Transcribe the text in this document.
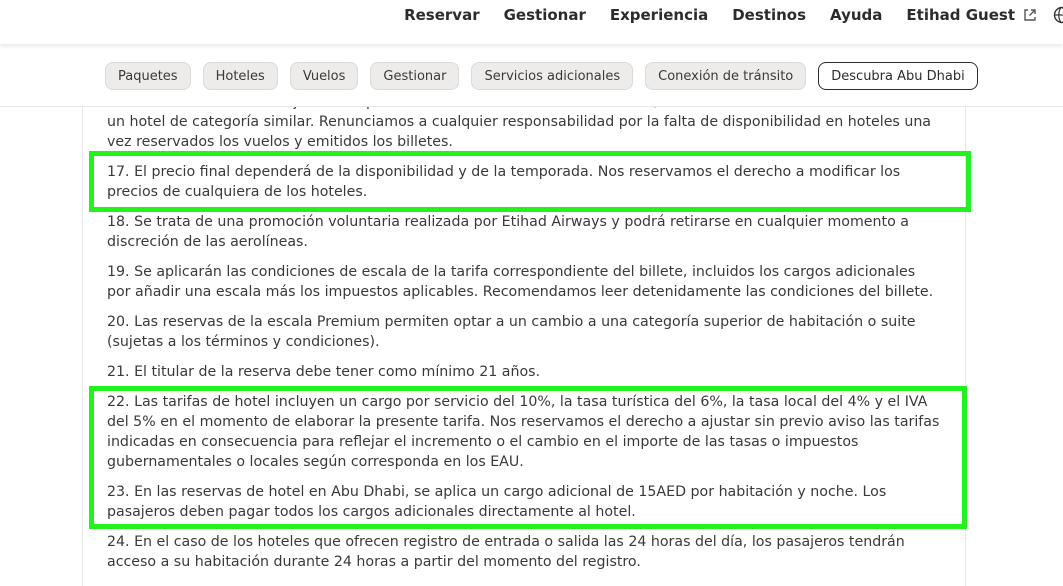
Reservar Gestionar Experiencia Destinos Ayuda Etihad Guest
Paquetes	Hoteles	Vuelos	Gestionar	Servicios adicionales	Conexión de tránsito	Descubra Abu Dhabi

un hotel de categoría similar. Renunciamos a cualquier responsabilidad por la falta de disponibilidad en hoteles una vez reservados los vuelos y emitidos los billetes.

17. El precio final dependerá de la disponibilidad y de la temporada. Nos reservamos el derecho a modificar los precios de cualquiera de los hoteles.

18. Se trata de una promoción voluntaria realizada por Etihad Airways y podrá retirarse en cualquier momento a discreción de las aerolíneas.

19. Se aplicarán las condiciones de escala de la tarifa correspondiente del billete, incluidos los cargos adicionales por añadir una escala más los impuestos aplicables. Recomendamos leer detenidamente las condiciones del billete.

20. Las reservas de la escala Premium permiten optar a un cambio a una categoría superior de habitación o suite (sujetas a los términos y condiciones).

21. El titular de la reserva debe tener como mínimo 21 años.

22. Las tarifas de hotel incluyen un cargo por servicio del 10%, la tasa turística del 6%, la tasa local del 4% y el IVA del 5% en el momento de elaborar la presente tarifa. Nos reservamos el derecho a ajustar sin previo aviso las tarifas indicadas en consecuencia para reflejar el incremento o el cambio en el importe de las tasas o impuestos gubernamentales o locales según corresponda en los EAU.

23. En las reservas de hotel en Abu Dhabi, se aplica un cargo adicional de 15AED por habitación y noche. Los pasajeros deben pagar todos los cargos adicionales directamente al hotel.

24. En el caso de los hoteles que ofrecen registro de entrada o salida las 24 horas del día, los pasajeros tendrán acceso a su habitación durante 24 horas a partir del momento del registro.
